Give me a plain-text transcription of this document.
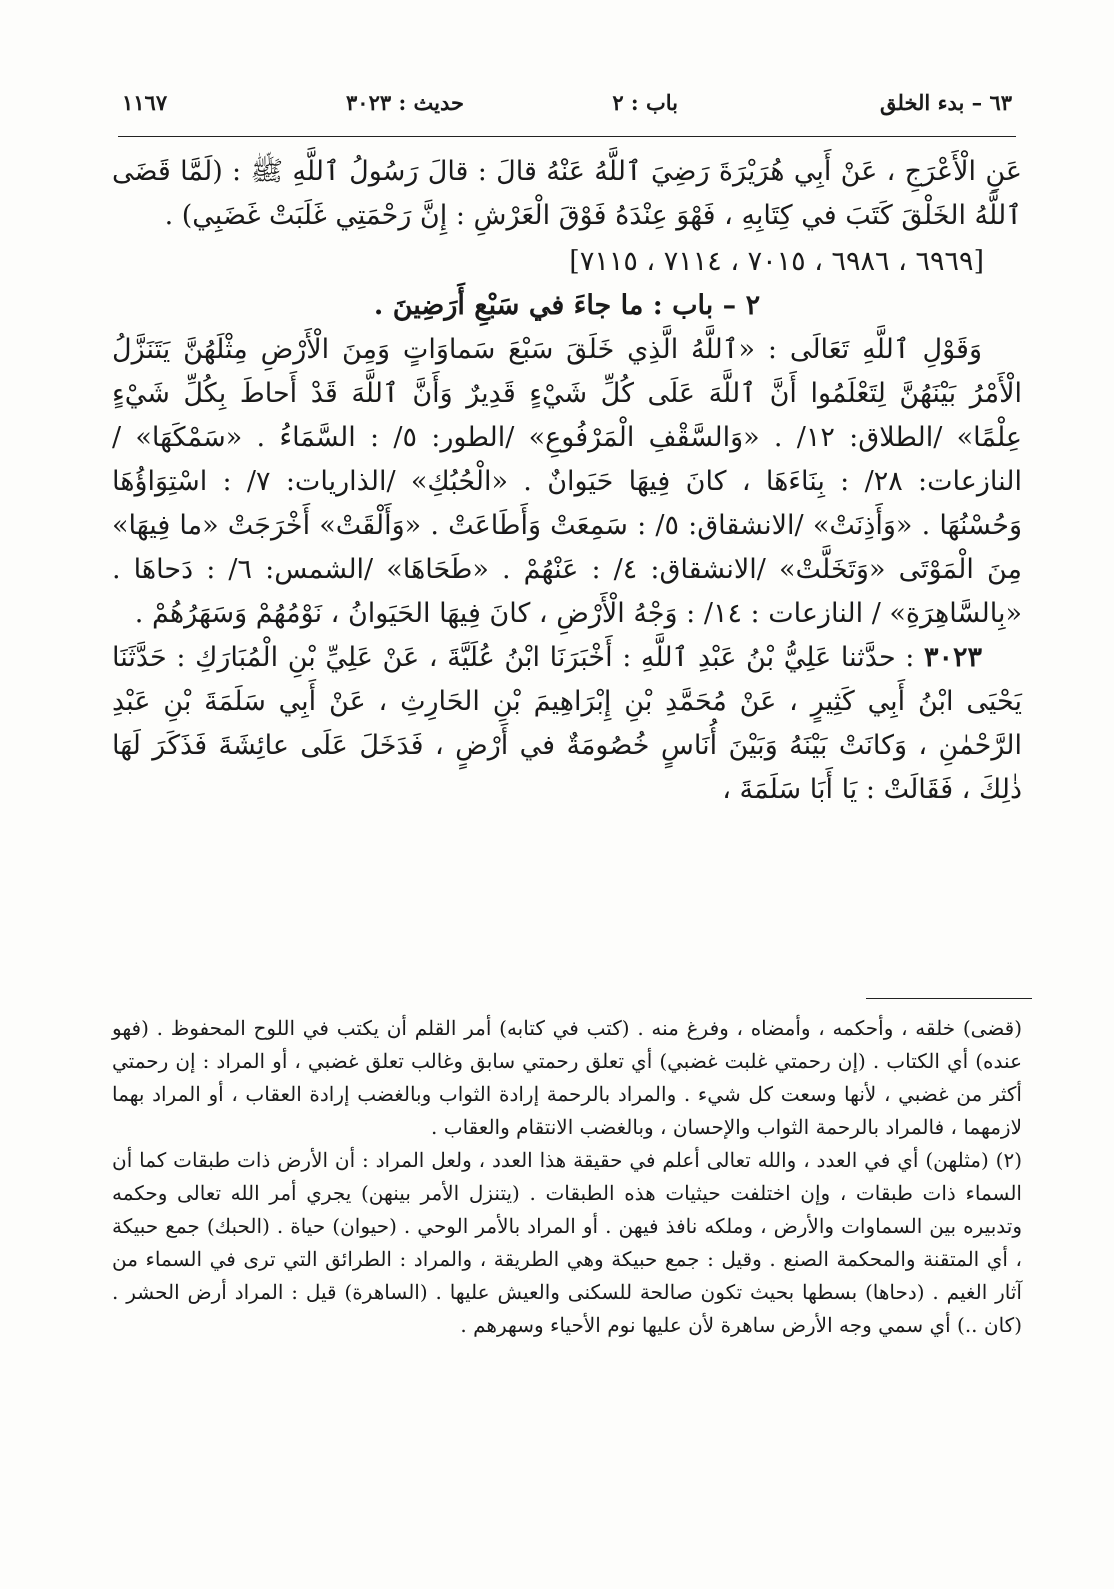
٦٣ – بدء الخلق
باب : ٢
حديث : ٣٠٢٣
١١٦٧

عَنِ الْأَعْرَجِ ، عَنْ أَبِي هُرَيْرَةَ رَضِيَ ٱللَّهُ عَنْهُ قالَ : قالَ رَسُولُ ٱللَّهِ ﷺ : (لَمَّا قَضَى ٱللَّهُ الخَلْقَ كَتَبَ في كِتَابِهِ ، فَهْوَ عِنْدَهُ فَوْقَ الْعَرْشِ : إِنَّ رَحْمَتِي غَلَبَتْ غَضَبِي) .

[٦٩٦٩ ، ٦٩٨٦ ، ٧٠١٥ ، ٧١١٤ ، ٧١١٥]

٢ – باب : ما جاءَ في سَبْعِ أَرَضِينَ .

وَقَوْلِ ٱللَّهِ تَعَالَى : «ٱللَّهُ الَّذِي خَلَقَ سَبْعَ سَماوَاتٍ وَمِنَ الْأَرْضِ مِثْلَهُنَّ يَتَنَزَّلُ الْأَمْرُ بَيْنَهُنَّ لِتَعْلَمُوا أَنَّ ٱللَّهَ عَلَى كُلِّ شَيْءٍ قَدِيرٌ وَأَنَّ ٱللَّهَ قَدْ أَحاطَ بِكُلِّ شَيْءٍ عِلْمًا» /الطلاق: ١٢/ . «وَالسَّقْفِ الْمَرْفُوعِ» /الطور: ٥/ : السَّمَاءُ . «سَمْكَهَا» /النازعات: ٢٨/ : بِنَاءَهَا ، كانَ فِيهَا حَيَوانٌ . «الْحُبُكِ» /الذاريات: ٧/ : اسْتِوَاؤُهَا وَحُسْنُهَا . «وَأَذِنَتْ» /الانشقاق: ٥/ : سَمِعَتْ وَأَطَاعَتْ . «وَأَلْقَتْ» أَخْرَجَتْ «ما فِيهَا» مِنَ الْمَوْتَى «وَتَخَلَّتْ» /الانشقاق: ٤/ : عَنْهُمْ . «طَحَاهَا» /الشمس: ٦/ : دَحاهَا . «بِالسَّاهِرَةِ» / النازعات : ١٤/ : وَجْهُ الْأَرْضِ ، كانَ فِيهَا الحَيَوانُ ، نَوْمُهُمْ وَسَهَرُهُمْ .

٣٠٢٣ : حدَّثنا عَلِيُّ بْنُ عَبْدِ ٱللَّهِ : أَخْبَرَنَا ابْنُ عُلَيَّةَ ، عَنْ عَلِيِّ بْنِ الْمُبَارَكِ : حَدَّثَنَا يَحْيَى ابْنُ أَبِي كَثِيرٍ ، عَنْ مُحَمَّدِ بْنِ إِبْرَاهِيمَ بْنِ الحَارِثِ ، عَنْ أَبِي سَلَمَةَ بْنِ عَبْدِ الرَّحْمٰنِ ، وَكانَتْ بَيْنَهُ وَبَيْنَ أُنَاسٍ خُصُومَةٌ في أَرْضٍ ، فَدَخَلَ عَلَى عائِشَةَ فَذَكَرَ لَهَا ذٰلِكَ ، فَقَالَتْ : يَا أَبَا سَلَمَةَ ،

(قضى) خلقه ، وأحكمه ، وأمضاه ، وفرغ منه . (كتب في كتابه) أمر القلم أن يكتب في اللوح المحفوظ . (فهو عنده) أي الكتاب . (إن رحمتي غلبت غضبي) أي تعلق رحمتي سابق وغالب تعلق غضبي ، أو المراد : إن رحمتي أكثر من غضبي ، لأنها وسعت كل شيء . والمراد بالرحمة إرادة الثواب وبالغضب إرادة العقاب ، أو المراد بهما لازمهما ، فالمراد بالرحمة الثواب والإحسان ، وبالغضب الانتقام والعقاب .

(٢) (مثلهن) أي في العدد ، والله تعالى أعلم في حقيقة هذا العدد ، ولعل المراد : أن الأرض ذات طبقات كما أن السماء ذات طبقات ، وإن اختلفت حيثيات هذه الطبقات . (يتنزل الأمر بينهن) يجري أمر الله تعالى وحكمه وتدبيره بين السماوات والأرض ، وملكه نافذ فيهن . أو المراد بالأمر الوحي . (حيوان) حياة . (الحبك) جمع حبيكة ، أي المتقنة والمحكمة الصنع . وقيل : جمع حبيكة وهي الطريقة ، والمراد : الطرائق التي ترى في السماء من آثار الغيم . (دحاها) بسطها بحيث تكون صالحة للسكنى والعيش عليها . (الساهرة) قيل : المراد أرض الحشر . (كان ..) أي سمي وجه الأرض ساهرة لأن عليها نوم الأحياء وسهرهم .
